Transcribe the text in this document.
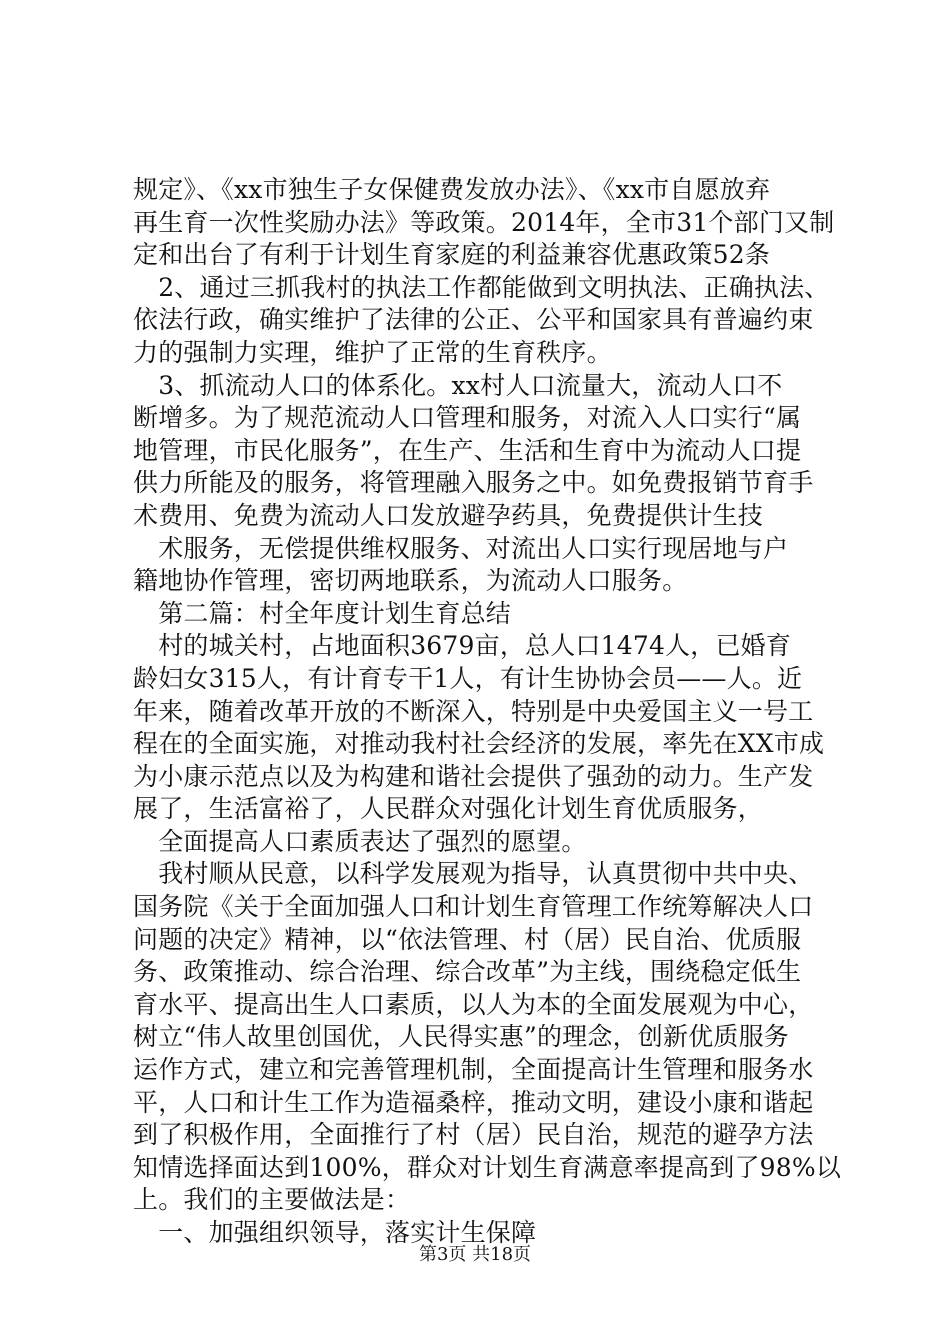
规定》、《xx市独生子女保健费发放办法》、《xx市自愿放弃
再生育一次性奖励办法》等政策。2014年，全市31个部门又制
定和出台了有利于计划生育家庭的利益兼容优惠政策52条
　2、通过三抓我村的执法工作都能做到文明执法、正确执法、
依法行政，确实维护了法律的公正、公平和国家具有普遍约束
力的强制力实理，维护了正常的生育秩序。
　3、抓流动人口的体系化。xx村人口流量大，流动人口不
断增多。为了规范流动人口管理和服务，对流入人口实行“属
地管理，市民化服务”，在生产、生活和生育中为流动人口提
供力所能及的服务，将管理融入服务之中。如免费报销节育手
术费用、免费为流动人口发放避孕药具，免费提供计生技
　术服务，无偿提供维权服务、对流出人口实行现居地与户
籍地协作管理，密切两地联系，为流动人口服务。
　第二篇：村全年度计划生育总结
　村的城关村，占地面积3679亩，总人口1474人，已婚育
龄妇女315人，有计育专干1人，有计生协协会员——人。近
年来，随着改革开放的不断深入，特别是中央爱国主义一号工
程在的全面实施，对推动我村社会经济的发展，率先在XX市成
为小康示范点以及为构建和谐社会提供了强劲的动力。生产发
展了，生活富裕了，人民群众对强化计划生育优质服务，
　全面提高人口素质表达了强烈的愿望。
　我村顺从民意，以科学发展观为指导，认真贯彻中共中央、
国务院《关于全面加强人口和计划生育管理工作统筹解决人口
问题的决定》精神，以“依法管理、村（居）民自治、优质服
务、政策推动、综合治理、综合改革”为主线，围绕稳定低生
育水平、提高出生人口素质，以人为本的全面发展观为中心，
树立“伟人故里创国优，人民得实惠”的理念，创新优质服务
运作方式，建立和完善管理机制，全面提高计生管理和服务水
平，人口和计生工作为造福桑梓，推动文明，建设小康和谐起
到了积极作用，全面推行了村（居）民自治，规范的避孕方法
知情选择面达到100%，群众对计划生育满意率提高到了98%以
上。我们的主要做法是：
　一、加强组织领导，落实计生保障
第3页 共18页
